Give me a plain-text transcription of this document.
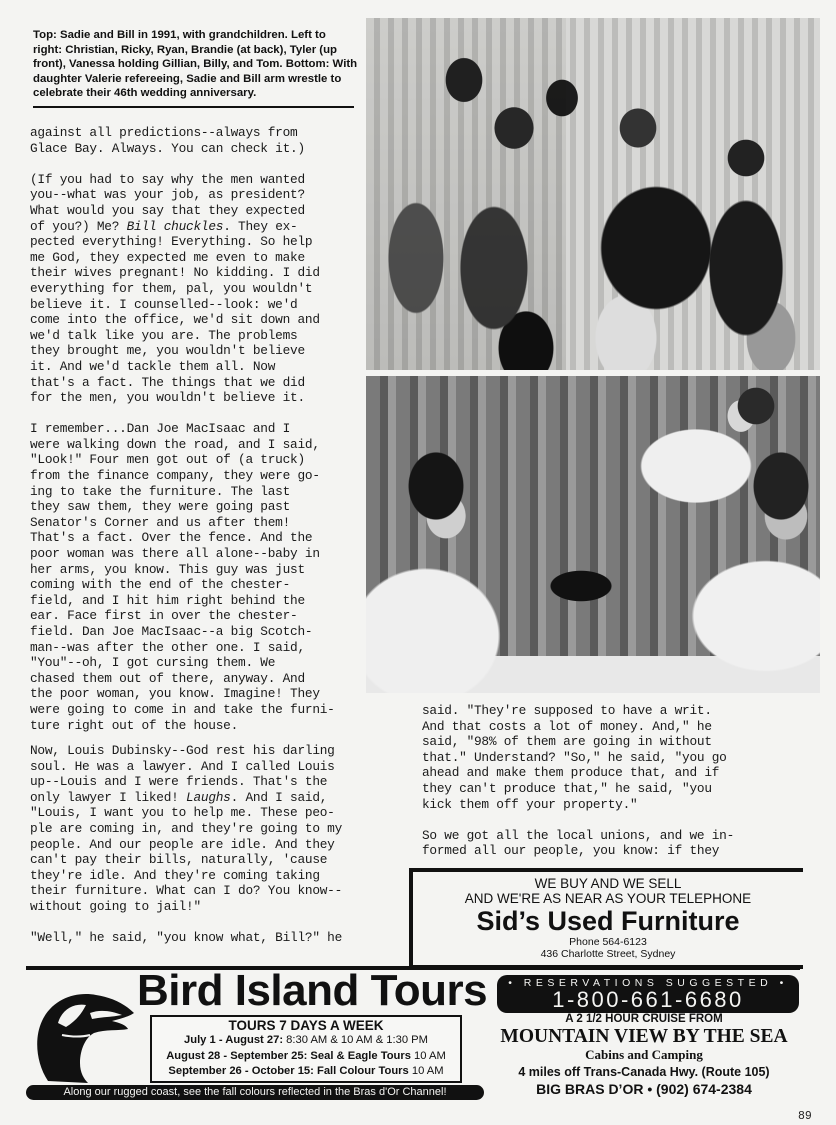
Top: Sadie and Bill in 1991, with grandchildren. Left to right: Christian, Ricky, Ryan, Brandie (at back), Tyler (up front), Vanessa holding Gillian, Billy, and Tom. Bottom: With daughter Valerie refereeing, Sadie and Bill arm wrestle to celebrate their 46th wedding anniversary.

against all predictions--always from
Glace Bay. Always. You can check it.)

(If you had to say why the men wanted
you--what was your job, as president?
What would you say that they expected
of you?) Me? Bill chuckles. They ex-
pected everything! Everything. So help
me God, they expected me even to make
their wives pregnant! No kidding. I did
everything for them, pal, you wouldn't
believe it. I counselled--look: we'd
come into the office, we'd sit down and
we'd talk like you are. The problems
they brought me, you wouldn't believe
it. And we'd tackle them all. Now
that's a fact. The things that we did
for the men, you wouldn't believe it.

I remember...Dan Joe MacIsaac and I
were walking down the road, and I said,
"Look!" Four men got out of (a truck)
from the finance company, they were go-
ing to take the furniture. The last
they saw them, they were going past
Senator's Corner and us after them!
That's a fact. Over the fence. And the
poor woman was there all alone--baby in
her arms, you know. This guy was just
coming with the end of the chester-
field, and I hit him right behind the
ear. Face first in over the chester-
field. Dan Joe MacIsaac--a big Scotch-
man--was after the other one. I said,
"You"--oh, I got cursing them. We
chased them out of there, anyway. And
the poor woman, you know. Imagine! They
were going to come in and take the furni-
ture right out of the house.

Now, Louis Dubinsky--God rest his darling
soul. He was a lawyer. And I called Louis
up--Louis and I were friends. That's the
only lawyer I liked! Laughs. And I said,
"Louis, I want you to help me. These peo-
ple are coming in, and they're going to my
people. And our people are idle. And they
can't pay their bills, naturally, 'cause
they're idle. And they're coming taking
their furniture. What can I do? You know--
without going to jail!"

"Well," he said, "you know what, Bill?" he

said. "They're supposed to have a writ.
And that costs a lot of money. And," he
said, "98% of them are going in without
that." Understand? "So," he said, "you go
ahead and make them produce that, and if
they can't produce that," he said, "you
kick them off your property."

So we got all the local unions, and we in-
formed all our people, you know: if they

WE BUY AND WE SELL
AND WE'RE AS NEAR AS YOUR TELEPHONE
Sid’s Used Furniture
Phone 564-6123
436 Charlotte Street, Sydney
Bird Island Tours
TOURS 7 DAYS A WEEK
July 1 - August 27: 8:30 AM & 10 AM & 1:30 PM
August 28 - September 25: Seal & Eagle Tours 10 AM
September 26 - October 15: Fall Colour Tours 10 AM
Along our rugged coast, see the fall colours reflected in the Bras d'Or Channel!
• RESERVATIONS SUGGESTED •
1-800-661-6680
A 2 1/2 HOUR CRUISE FROM
MOUNTAIN VIEW BY THE SEA
Cabins and Camping
4 miles off Trans-Canada Hwy. (Route 105)
BIG BRAS D’OR • (902) 674-2384
89
